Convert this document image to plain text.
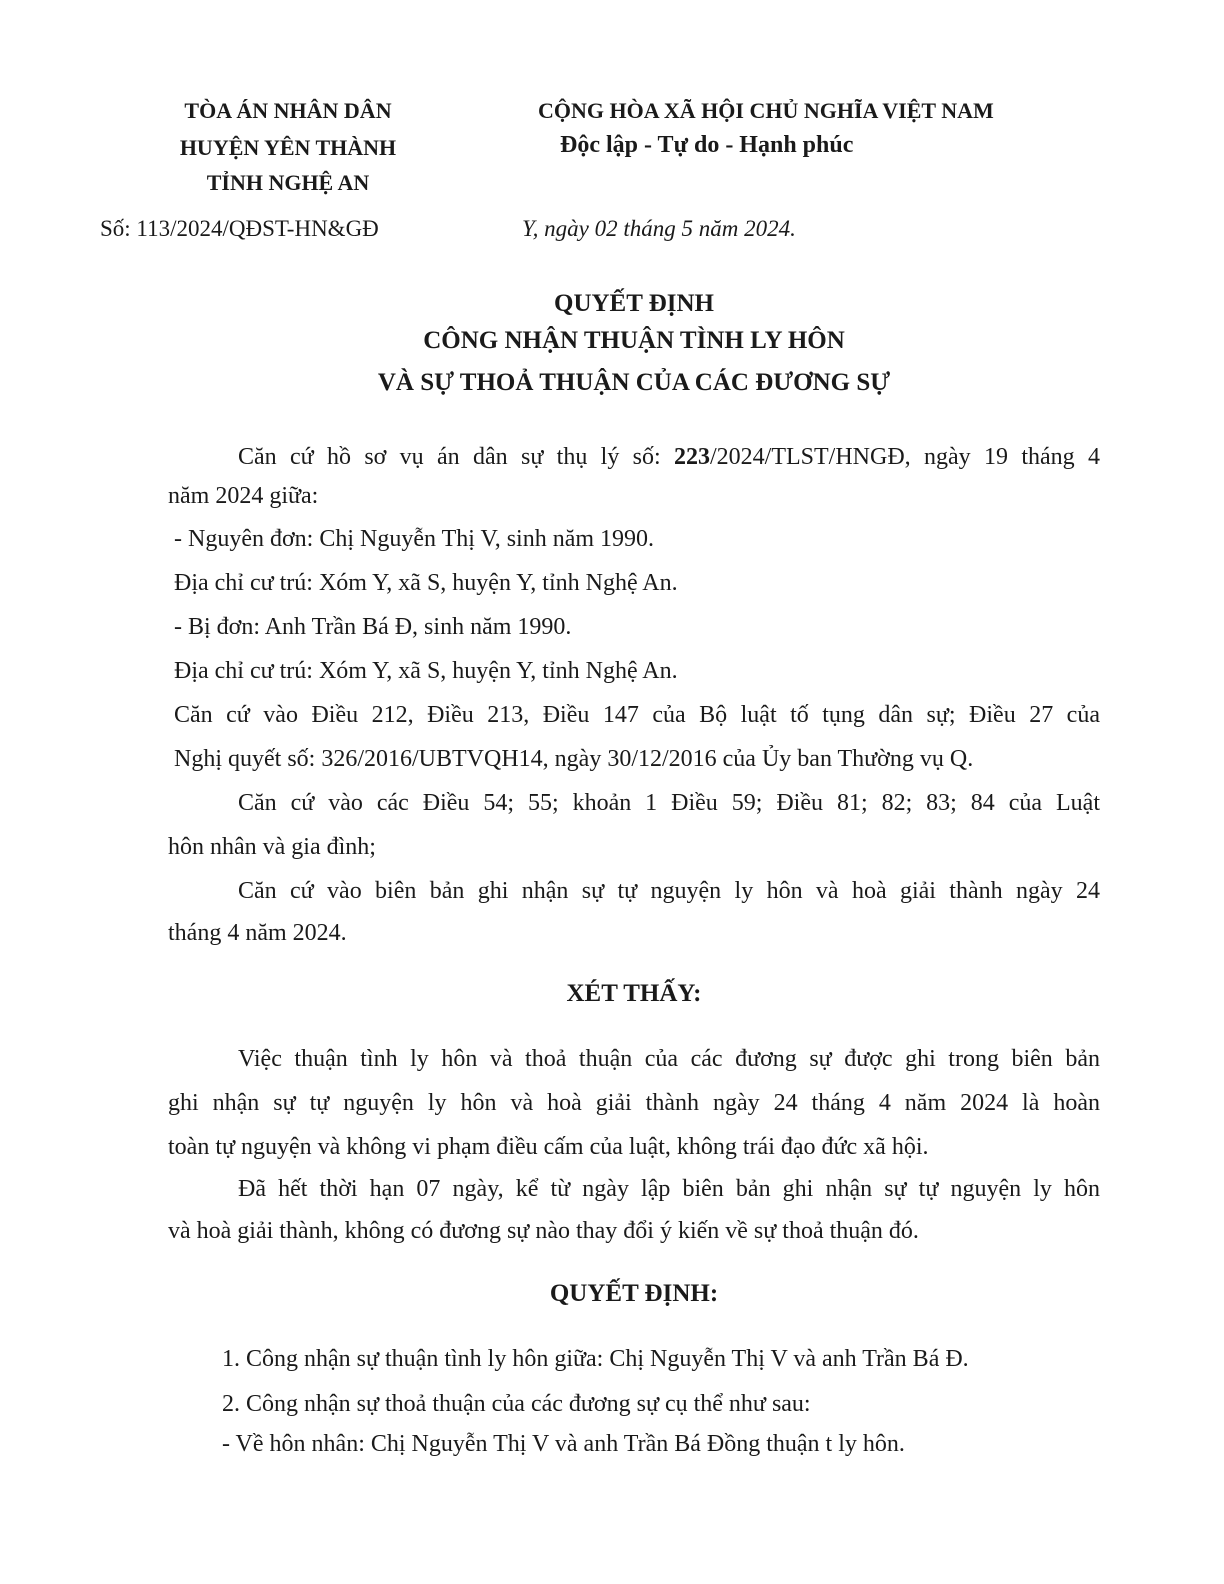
TÒA ÁN NHÂN DÂN
HUYỆN YÊN THÀNH
TỈNH NGHỆ AN
CỘNG HÒA XÃ HỘI CHỦ NGHĨA VIỆT NAM
Độc lập - Tự do - Hạnh phúc
Số: 113/2024/QĐST-HN&GĐ	Y, ngày 02 tháng 5 năm 2024.
QUYẾT ĐỊNH
CÔNG NHẬN THUẬN TÌNH LY HÔN
VÀ SỰ THOẢ THUẬN CỦA CÁC ĐƯƠNG SỰ
Căn cứ hồ sơ vụ án dân sự thụ lý số: 223/2024/TLST/HNGĐ, ngày 19 tháng 4
năm 2024 giữa:
- Nguyên đơn: Chị Nguyễn Thị V, sinh năm 1990.
Địa chỉ cư trú: Xóm Y, xã S, huyện Y, tỉnh Nghệ An.
- Bị đơn: Anh Trần Bá Đ, sinh năm 1990.
Địa chỉ cư trú: Xóm Y, xã S, huyện Y, tỉnh Nghệ An.
Căn cứ vào Điều 212, Điều 213, Điều 147 của Bộ luật tố tụng dân sự; Điều 27 của
Nghị quyết số: 326/2016/UBTVQH14, ngày 30/12/2016 của Ủy ban Thường vụ Q.
Căn cứ vào các Điều 54; 55; khoản 1 Điều 59; Điều 81; 82; 83; 84 của Luật
hôn nhân và gia đình;
Căn cứ vào biên bản ghi nhận sự tự nguyện ly hôn và hoà giải thành ngày 24
tháng 4 năm 2024.
XÉT THẤY:
Việc thuận tình ly hôn và thoả thuận của các đương sự được ghi trong biên bản
ghi nhận sự tự nguyện ly hôn và hoà giải thành ngày 24 tháng 4 năm 2024 là hoàn
toàn tự nguyện và không vi phạm điều cấm của luật, không trái đạo đức xã hội.
Đã hết thời hạn 07 ngày, kể từ ngày lập biên bản ghi nhận sự tự nguyện ly hôn
và hoà giải thành, không có đương sự nào thay đổi ý kiến về sự thoả thuận đó.
QUYẾT ĐỊNH:
1. Công nhận sự thuận tình ly hôn giữa: Chị Nguyễn Thị V và anh Trần Bá Đ.
2. Công nhận sự thoả thuận của các đương sự cụ thể như sau:
- Về hôn nhân: Chị Nguyễn Thị V và anh Trần Bá Đồng thuận t ly hôn.
